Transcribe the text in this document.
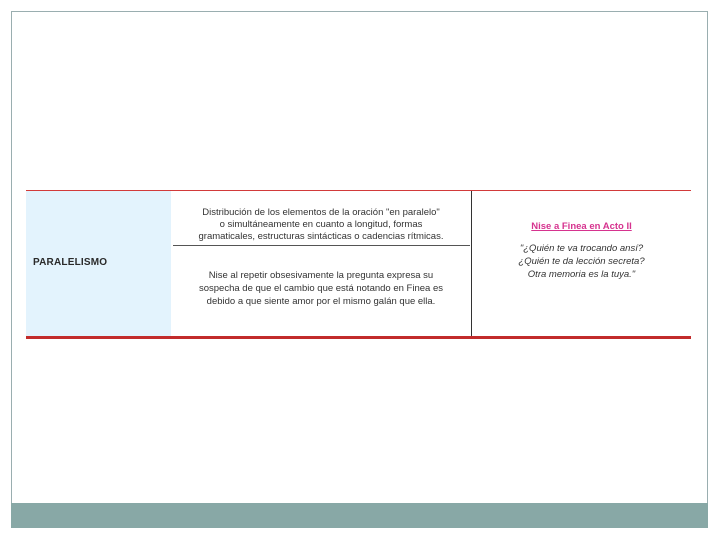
PARALELISMO
Distribución de los elementos de la oración "en paralelo"
o simultáneamente en cuanto a longitud, formas
gramaticales, estructuras sintácticas o cadencias rítmicas.
Nise al repetir obsesivamente la pregunta expresa su
sospecha de que el cambio que está notando en Finea es
debido a que siente amor por el mismo galán que ella.
Nise a Finea en Acto II
"¿Quién te va trocando ansí?
¿Quién te da lección secreta?
Otra memoria es la tuya."
